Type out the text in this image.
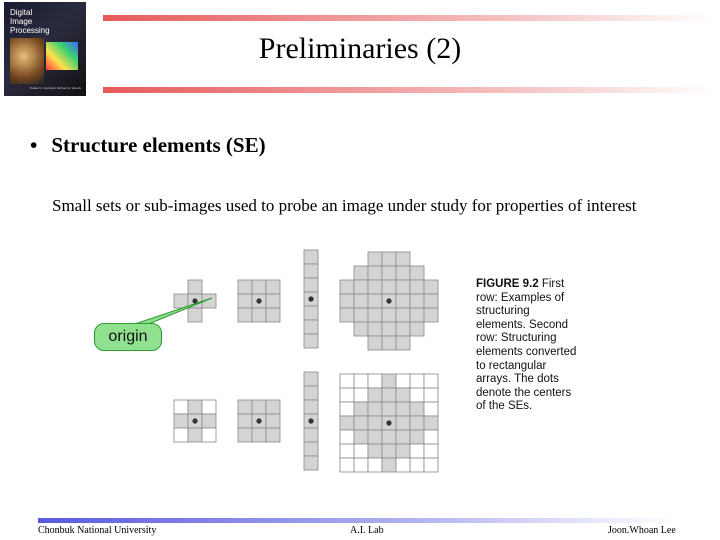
Digital
Image
Processing
Rafael C. Gonzalez Richard E. Woods
Preliminaries (2)
• Structure elements (SE)
Small sets or sub-images used to probe an image under study for properties of interest
origin
FIGURE 9.2 First row: Examples of structuring elements. Second row: Structuring elements converted to rectangular arrays. The dots denote the centers of the SEs.
Chonbuk National University	A.I. Lab	Joon.Whoan Lee
